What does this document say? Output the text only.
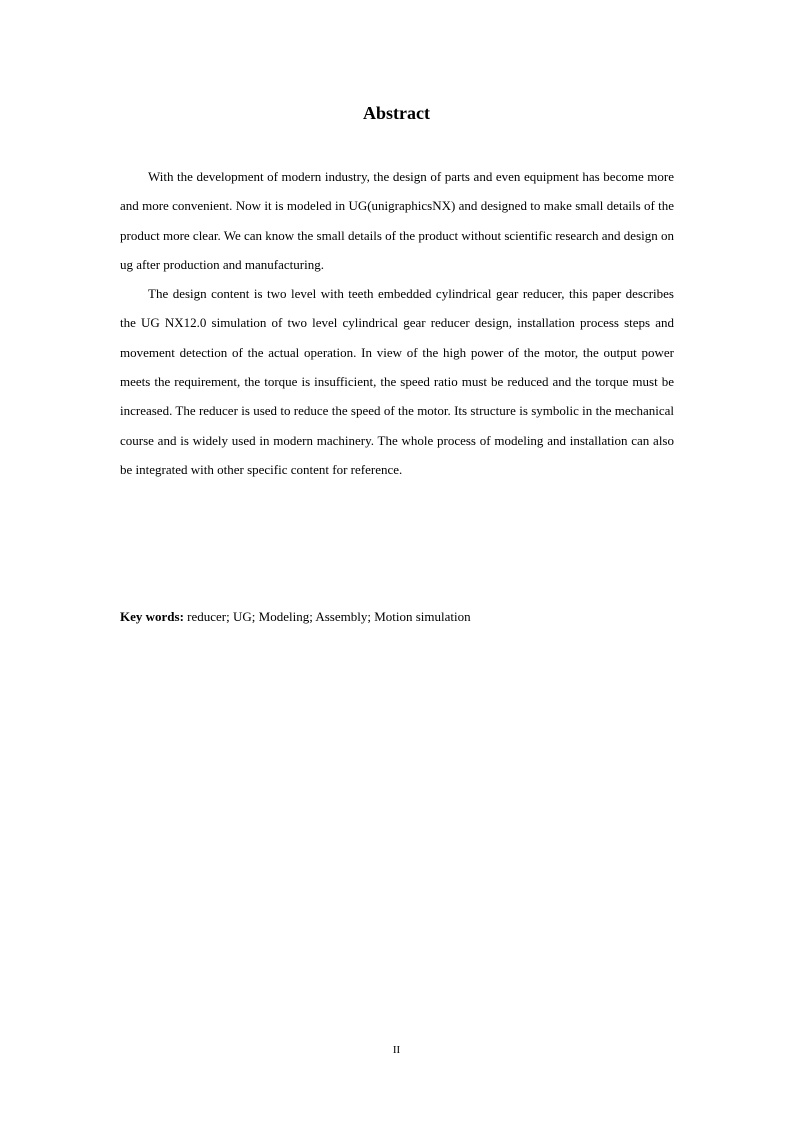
Abstract

With the development of modern industry, the design of parts and even equipment has become more and more convenient. Now it is modeled in UG(unigraphicsNX) and designed to make small details of the product more clear. We can know the small details of the product without scientific research and design on ug after production and manufacturing.

The design content is two level with teeth embedded cylindrical gear reducer, this paper describes the UG NX12.0 simulation of two level cylindrical gear reducer design, installation process steps and movement detection of the actual operation. In view of the high power of the motor, the output power meets the requirement, the torque is insufficient, the speed ratio must be reduced and the torque must be increased. The reducer is used to reduce the speed of the motor. Its structure is symbolic in the mechanical course and is widely used in modern machinery. The whole process of modeling and installation can also be integrated with other specific content for reference.

Key words: reducer; UG; Modeling; Assembly; Motion simulation

II
